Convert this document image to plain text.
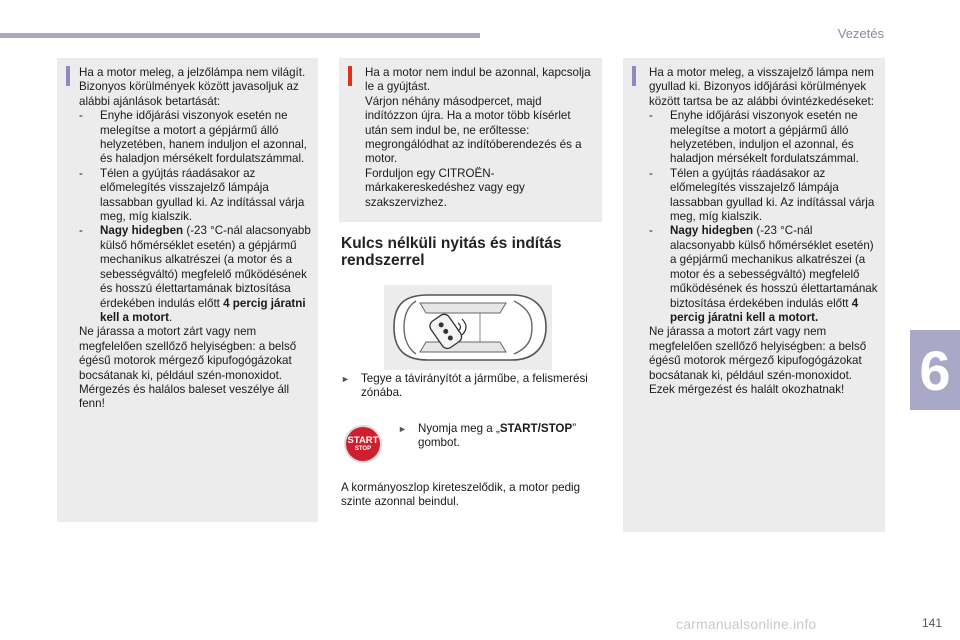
Vezetés
6

Ha a motor meleg, a jelzőlámpa nem világít. Bizonyos körülmények között javasoljuk az alábbi ajánlások betartását:

- Enyhe időjárási viszonyok esetén ne melegítse a motort a gépjármű álló helyzetében, hanem induljon el azonnal, és haladjon mérsékelt fordulatszámmal.
- Télen a gyújtás ráadásakor az előmelegítés visszajelző lámpája lassabban gyullad ki. Az indítással várja meg, míg kialszik.
- Nagy hidegben (-23 °C-nál alacsonyabb külső hőmérséklet esetén) a gépjármű mechanikus alkatrészei (a motor és a sebességváltó) megfelelő működésének és hosszú élettartamának biztosítása érdekében indulás előtt 4 percig járatni kell a motort.

Ne járassa a motort zárt vagy nem megfelelően szellőző helyiségben: a belső égésű motorok mérgező kipufogógázokat bocsátanak ki, például szén-monoxidot. Mérgezés és halálos baleset veszélye áll fenn!

Ha a motor nem indul be azonnal, kapcsolja le a gyújtást.
Várjon néhány másodpercet, majd indítózzon újra. Ha a motor több kísérlet után sem indul be, ne erőltesse: megrongálódhat az indítóberendezés és a motor.
Forduljon egy CITROËN-márkakereskedéshez vagy egy szakszervizhez.
Kulcs nélküli nyitás és indítás rendszerrel
► Tegye a távirányítót a járműbe, a felismerési zónába.
START
STOP
► Nyomja meg a „START/STOP” gombot.
A kormányoszlop kireteszelődik, a motor pedig szinte azonnal beindul.

Ha a motor meleg, a visszajelző lámpa nem gyullad ki. Bizonyos időjárási körülmények között tartsa be az alábbi óvintézkedéseket:

- Enyhe időjárási viszonyok esetén ne melegítse a motort a gépjármű álló helyzetében, induljon el azonnal, és haladjon mérsékelt fordulatszámmal.
- Télen a gyújtás ráadásakor az előmelegítés visszajelző lámpája lassabban gyullad ki. Az indítással várja meg, míg kialszik.
- Nagy hidegben (-23 °C-nál alacsonyabb külső hőmérséklet esetén) a gépjármű mechanikus alkatrészei (a motor és a sebességváltó) megfelelő működésének és hosszú élettartamának biztosítása érdekében indulás előtt 4 percig járatni kell a motort.

Ne járassa a motort zárt vagy nem megfelelően szellőző helyiségben: a belső égésű motorok mérgező kipufogógázokat bocsátanak ki, például szén-monoxidot. Ezek mérgezést és halált okozhatnak!

carmanualsonline.info	141
